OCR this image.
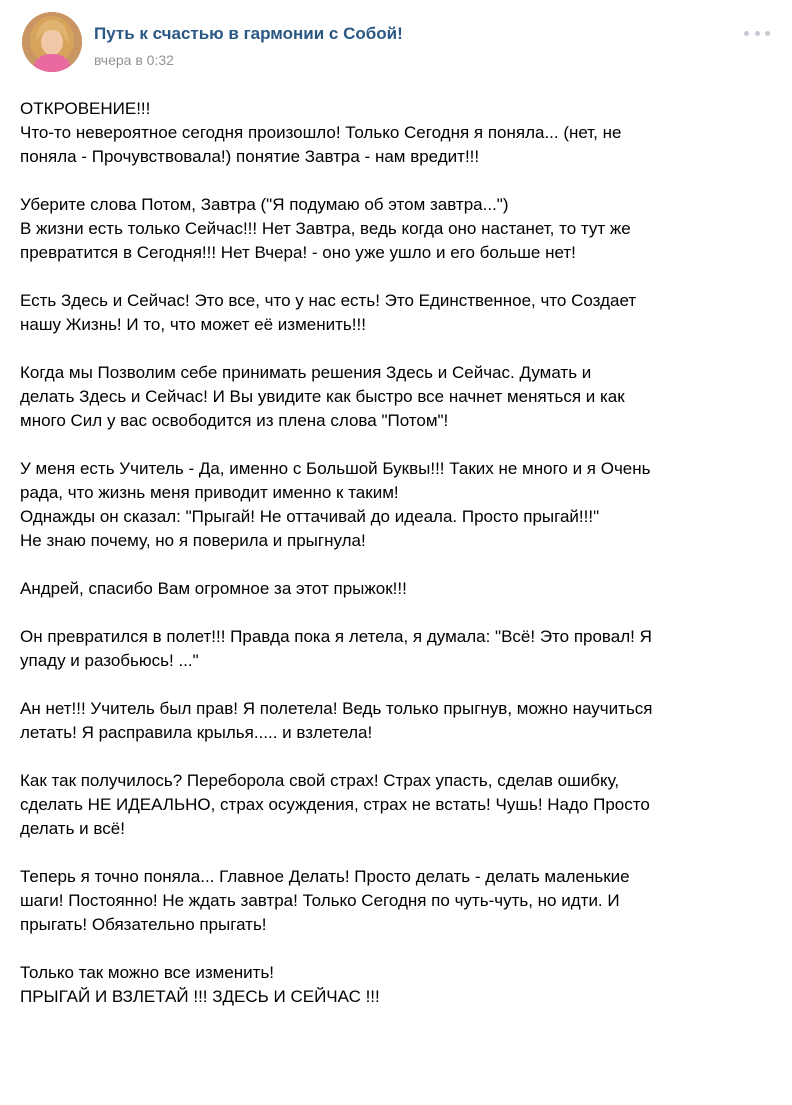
Путь к счастью в гармонии с Собой!
вчера в 0:32
ОТКРОВЕНИЕ!!!
Что-то невероятное сегодня произошло! Только Сегодня я поняла... (нет, не
поняла - Прочувствовала!) понятие Завтра - нам вредит!!!
Уберите слова Потом, Завтра ("Я подумаю об этом завтра...")
В жизни есть только Сейчас!!! Нет Завтра, ведь когда оно настанет, то тут же
превратится в Сегодня!!! Нет Вчера! - оно уже ушло и его больше нет!
Есть Здесь и Сейчас! Это все, что у нас есть! Это Единственное, что Создает
нашу Жизнь! И то, что может её изменить!!!
Когда мы Позволим себе принимать решения Здесь и Сейчас. Думать и
делать Здесь и Сейчас! И Вы увидите как быстро все начнет меняться и как
много Сил у вас освободится из плена слова "Потом"!
У меня есть Учитель - Да, именно с Большой Буквы!!! Таких не много и я Очень
рада, что жизнь меня приводит именно к таким!
Однажды он сказал: "Прыгай! Не оттачивай до идеала. Просто прыгай!!!"
Не знаю почему, но я поверила и прыгнула!
Андрей, спасибо Вам огромное за этот прыжок!!!
Он превратился в полет!!! Правда пока я летела, я думала: "Всё! Это провал! Я
упаду и разобьюсь! ..."
Ан нет!!! Учитель был прав! Я полетела! Ведь только прыгнув, можно научиться
летать! Я расправила крылья..... и взлетела!
Как так получилось? Переборола свой страх! Страх упасть, сделав ошибку,
сделать НЕ ИДЕАЛЬНО, страх осуждения, страх не встать! Чушь! Надо Просто
делать и всё!
Теперь я точно поняла... Главное Делать! Просто делать - делать маленькие
шаги! Постоянно! Не ждать завтра! Только Сегодня по чуть-чуть, но идти. И
прыгать! Обязательно прыгать!
Только так можно все изменить!
ПРЫГАЙ И ВЗЛЕТАЙ !!! ЗДЕСЬ И СЕЙЧАС !!!
